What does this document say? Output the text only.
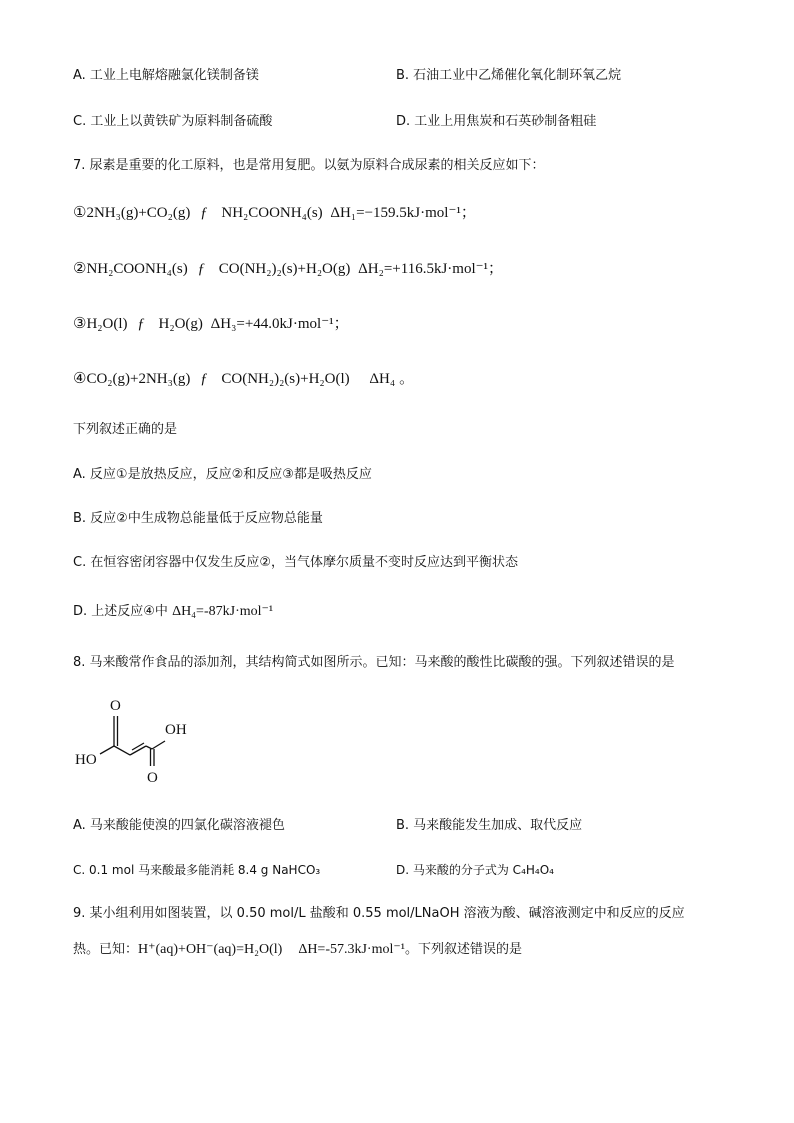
A. 工业上电解熔融氯化镁制备镁	B. 石油工业中乙烯催化氧化制环氧乙烷
C. 工业上以黄铁矿为原料制备硫酸	D. 工业上用焦炭和石英砂制备粗硅
7. 尿素是重要的化工原料，也是常用复肥。以氨为原料合成尿素的相关反应如下：
①2NH₃(g)+CO₂(g) ƒ NH₂COONH₄(s) ΔH₁=−159.5kJ·mol⁻¹；
②NH₂COONH₄(s) ƒ CO(NH₂)₂(s)+H₂O(g) ΔH₂=+116.5kJ·mol⁻¹；
③H₂O(l) ƒ H₂O(g) ΔH₃=+44.0kJ·mol⁻¹；
④CO₂(g)+2NH₃(g) ƒ CO(NH₂)₂(s)+H₂O(l) ΔH₄ 。
下列叙述正确的是
A. 反应①是放热反应，反应②和反应③都是吸热反应
B. 反应②中生成物总能量低于反应物总能量
C. 在恒容密闭容器中仅发生反应②，当气体摩尔质量不变时反应达到平衡状态
D. 上述反应④中 ΔH₄=-87kJ·mol⁻¹
8. 马来酸常作食品的添加剂，其结构简式如图所示。已知：马来酸的酸性比碳酸的强。下列叙述错误的是
O
OH
HO
O
A. 马来酸能使溴的四氯化碳溶液褪色	B. 马来酸能发生加成、取代反应
C. 0.1 mol 马来酸最多能消耗 8.4 g NaHCO₃	D. 马来酸的分子式为 C₄H₄O₄
9. 某小组利用如图装置，以 0.50 mol/L 盐酸和 0.55 mol/LNaOH 溶液为酸、碱溶液测定中和反应的反应
热。已知：H⁺(aq)+OH⁻(aq)=H₂O(l) ΔH=-57.3kJ·mol⁻¹。下列叙述错误的是
